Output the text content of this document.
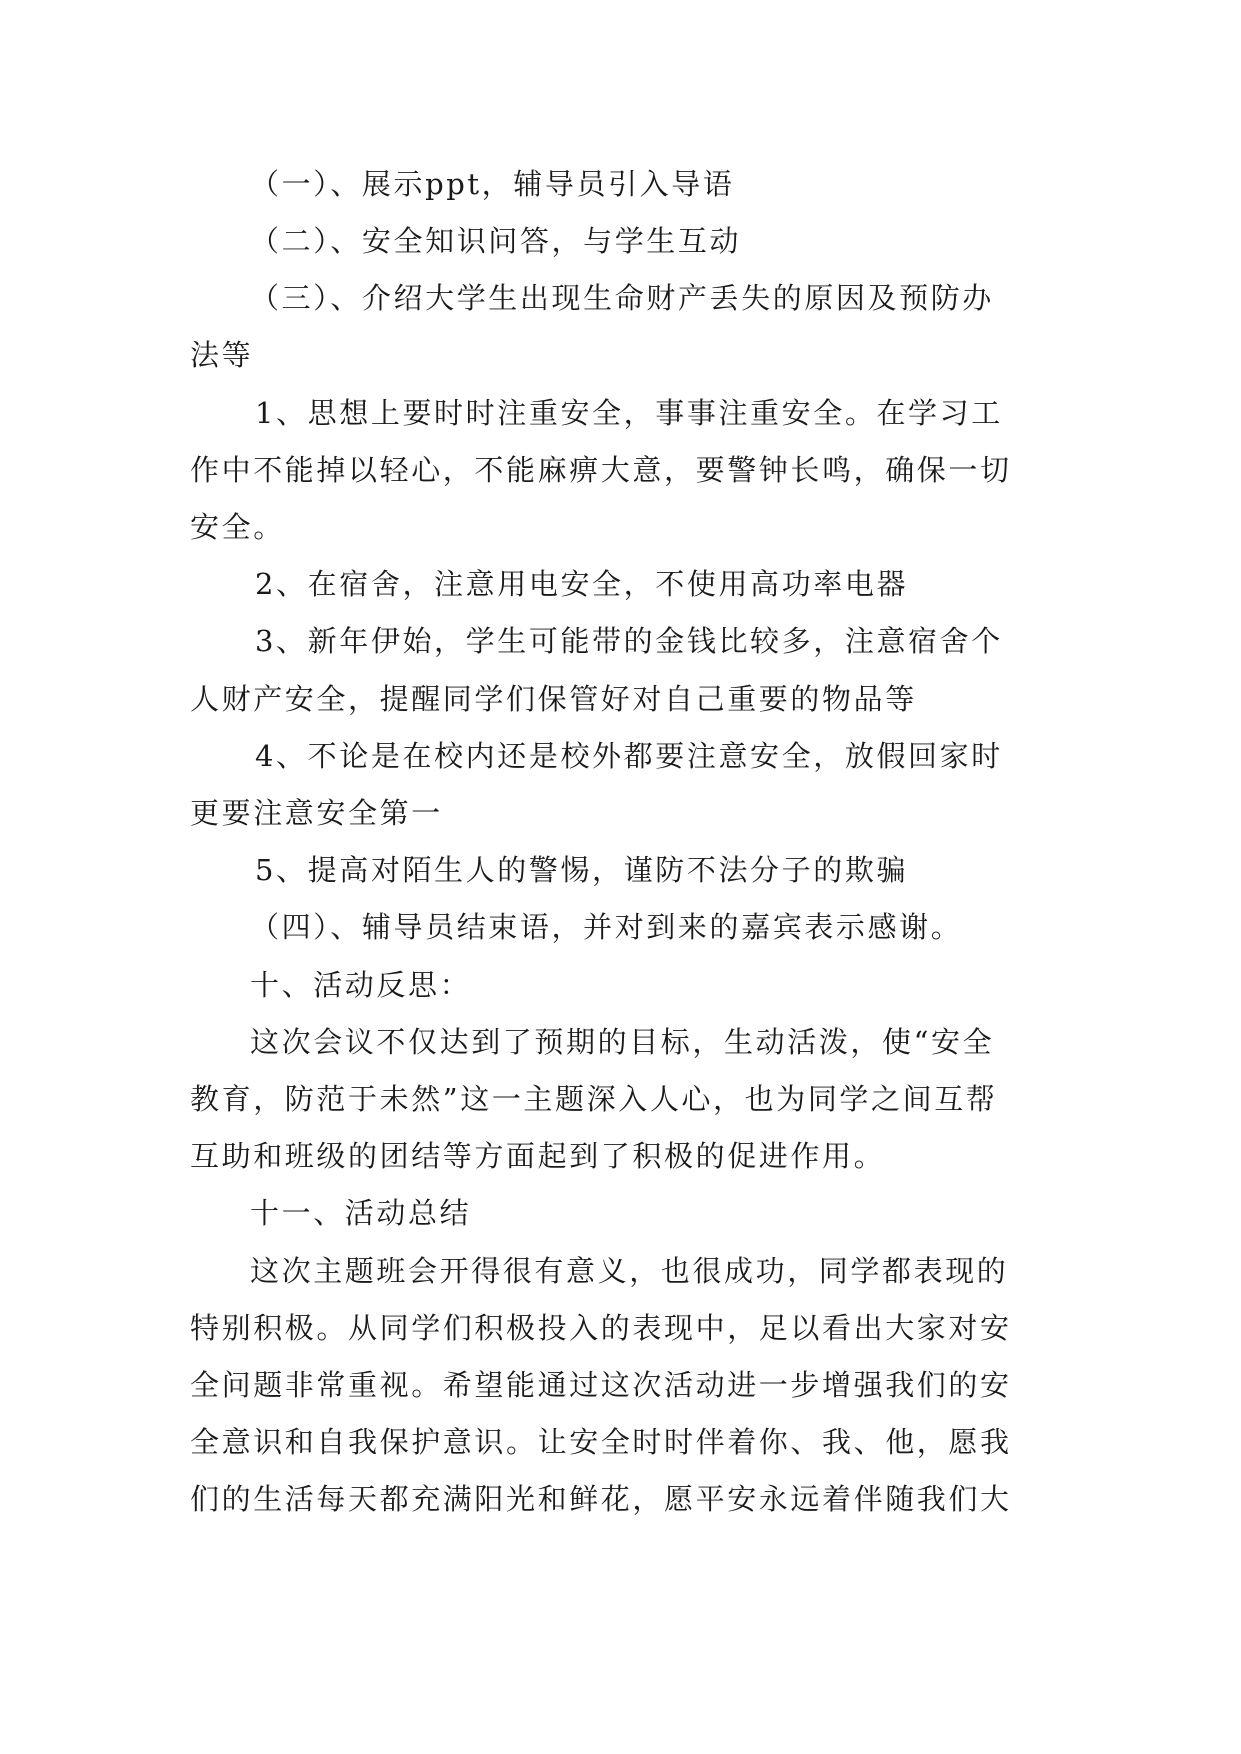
（一）、展示ppt，辅导员引入导语
（二）、安全知识问答，与学生互动
（三）、介绍大学生出现生命财产丢失的原因及预防办
法等
1、思想上要时时注重安全，事事注重安全。在学习工
作中不能掉以轻心，不能麻痹大意，要警钟长鸣，确保一切
安全。
2、在宿舍，注意用电安全，不使用高功率电器
3、新年伊始，学生可能带的金钱比较多，注意宿舍个
人财产安全，提醒同学们保管好对自己重要的物品等
4、不论是在校内还是校外都要注意安全，放假回家时
更要注意安全第一
5、提高对陌生人的警惕，谨防不法分子的欺骗
（四）、辅导员结束语，并对到来的嘉宾表示感谢。
十、活动反思：
这次会议不仅达到了预期的目标，生动活泼，使“安全
教育，防范于未然”这一主题深入人心，也为同学之间互帮
互助和班级的团结等方面起到了积极的促进作用。
十一、活动总结
这次主题班会开得很有意义，也很成功，同学都表现的
特别积极。从同学们积极投入的表现中，足以看出大家对安
全问题非常重视。希望能通过这次活动进一步增强我们的安
全意识和自我保护意识。让安全时时伴着你、我、他，愿我
们的生活每天都充满阳光和鲜花，愿平安永远着伴随我们大
